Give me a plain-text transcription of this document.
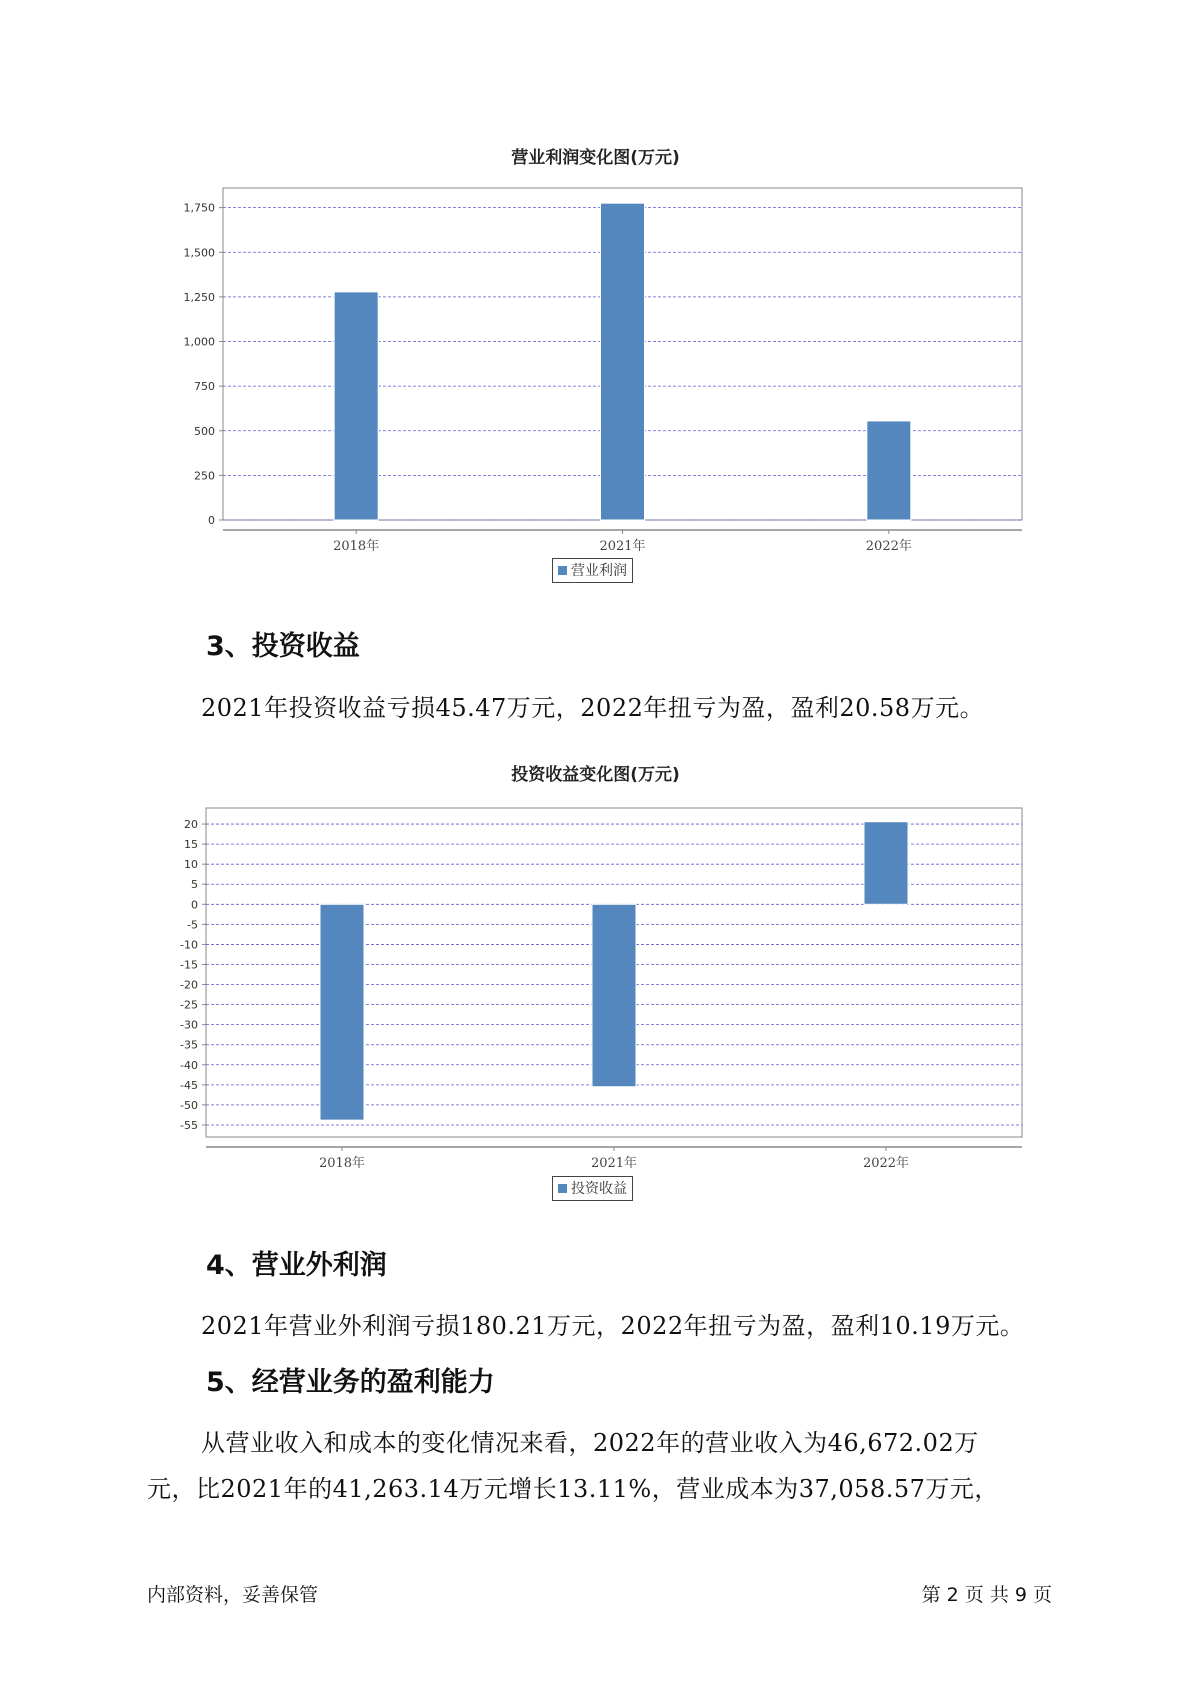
营业利润变化图(万元)
0
250
500
750
1,000
1,250
1,500
1,750
2018年	2021年	2022年
营业利润
3、投资收益
2021年投资收益亏损45.47万元，2022年扭亏为盈，盈利20.58万元。
投资收益变化图(万元)
20
15
10
5
0
-5
-10
-15
-20
-25
-30
-35
-40
-45
-50
-55
2018年	2021年	2022年
投资收益
4、营业外利润
2021年营业外利润亏损180.21万元，2022年扭亏为盈，盈利10.19万元。
5、经营业务的盈利能力
从营业收入和成本的变化情况来看，2022年的营业收入为46,672.02万
元，比2021年的41,263.14万元增长13.11%，营业成本为37,058.57万元，
内部资料，妥善保管	第 2 页 共 9 页
